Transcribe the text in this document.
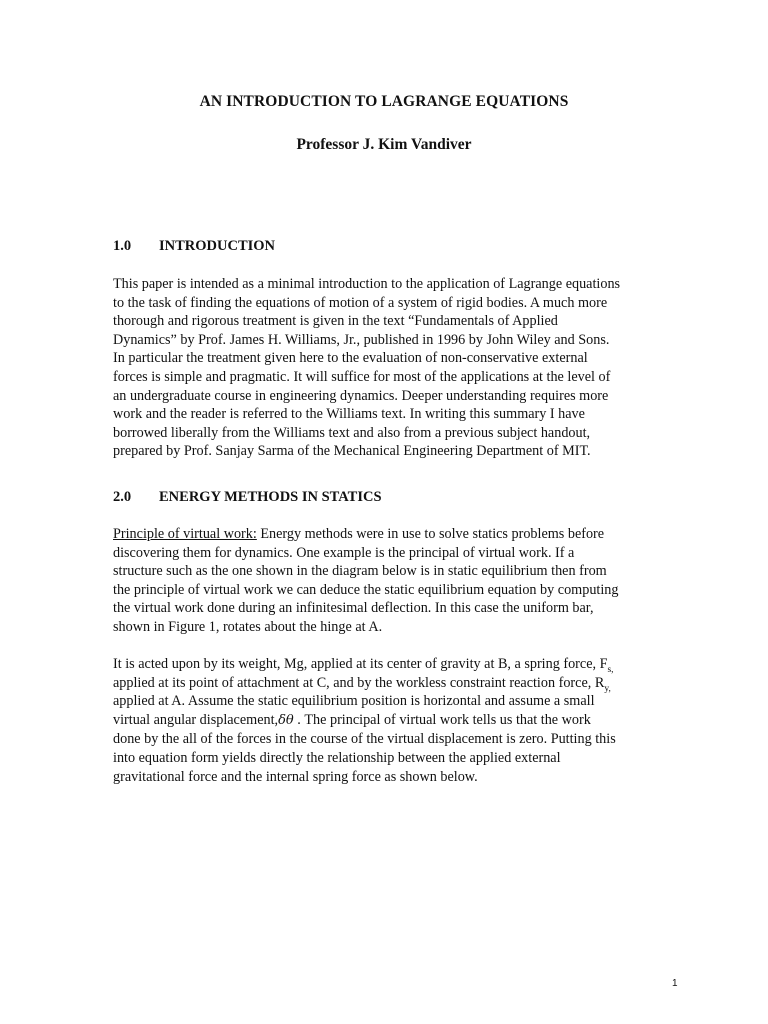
AN INTRODUCTION TO LAGRANGE EQUATIONS
Professor J. Kim Vandiver
1.0 INTRODUCTION
This paper is intended as a minimal introduction to the application of Lagrange equations
to the task of finding the equations of motion of a system of rigid bodies. A much more
thorough and rigorous treatment is given in the text “Fundamentals of Applied
Dynamics” by Prof. James H. Williams, Jr., published in 1996 by John Wiley and Sons.
In particular the treatment given here to the evaluation of non-conservative external
forces is simple and pragmatic. It will suffice for most of the applications at the level of
an undergraduate course in engineering dynamics. Deeper understanding requires more
work and the reader is referred to the Williams text. In writing this summary I have
borrowed liberally from the Williams text and also from a previous subject handout,
prepared by Prof. Sanjay Sarma of the Mechanical Engineering Department of MIT.
2.0 ENERGY METHODS IN STATICS
Principle of virtual work: Energy methods were in use to solve statics problems before
discovering them for dynamics. One example is the principal of virtual work. If a
structure such as the one shown in the diagram below is in static equilibrium then from
the principle of virtual work we can deduce the static equilibrium equation by computing
the virtual work done during an infinitesimal deflection. In this case the uniform bar,
shown in Figure 1, rotates about the hinge at A.
It is acted upon by its weight, Mg, applied at its center of gravity at B, a spring force, $F_{s,}$
applied at its point of attachment at C, and by the workless constraint reaction force, $R_{y,}$
applied at A. Assume the static equilibrium position is horizontal and assume a small
virtual angular displacement,δθ . The principal of virtual work tells us that the work
done by the all of the forces in the course of the virtual displacement is zero. Putting this
into equation form yields directly the relationship between the applied external
gravitational force and the internal spring force as shown below.

1
